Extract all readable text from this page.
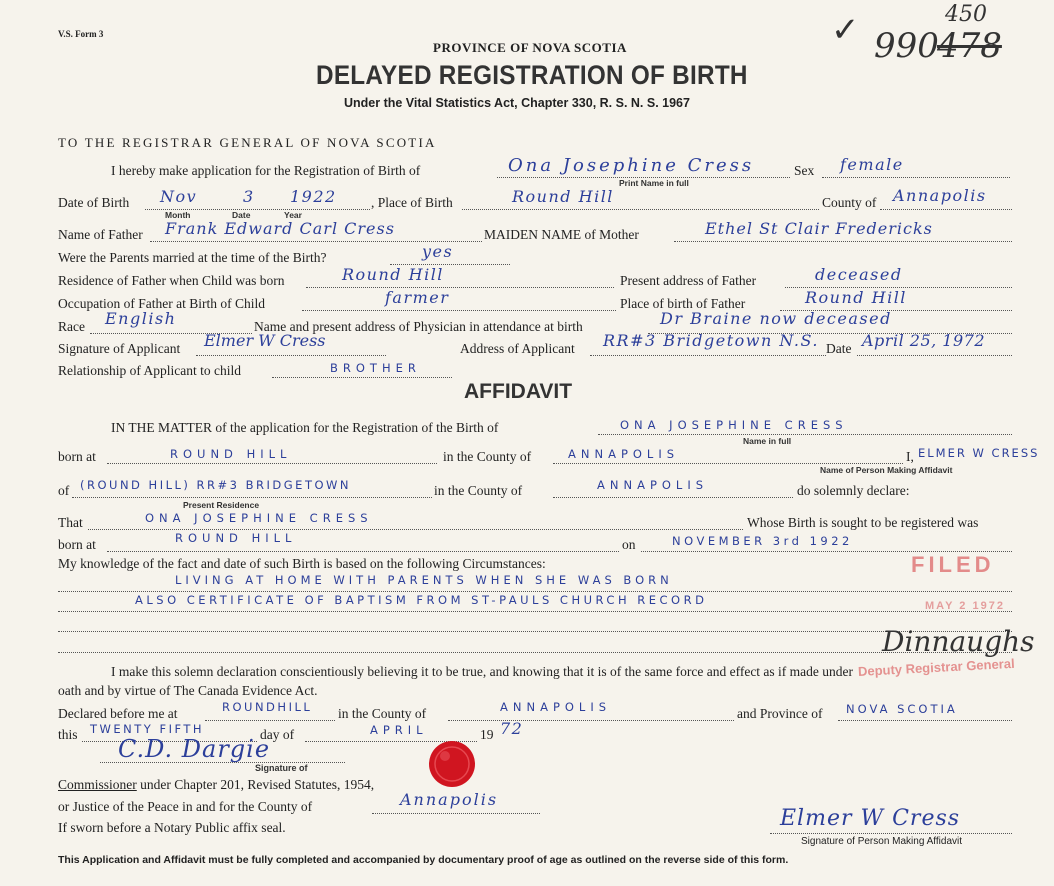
V.S. Form 3
PROVINCE OF NOVA SCOTIA
DELAYED REGISTRATION OF BIRTH
Under the Vital Statistics Act, Chapter 330, R. S. N. S. 1967
✓ 990
478
450
TO THE REGISTRAR GENERAL OF NOVA SCOTIA
I hereby make application for the Registration of Birth of	Ona Josephine Cress
Print Name in full
Sex female
Date of Birth Nov	3 1922
Month	Date	Year
, Place of Birth	Round Hill	County of Annapolis
Name of Father Frank Edward Carl Cress	MAIDEN NAME of Mother	Ethel St Clair Fredericks
Were the Parents married at the time of the Birth?	yes
Residence of Father when Child was born	Round Hill	Present address of Father	deceased
Occupation of Father at Birth of Child	farmer	Place of birth of Father	Round Hill
Race English	Name and present address of Physician in attendance at birth	Dr Braine now deceased
Signature of Applicant Elmer W Cress	Address of Applicant RR#3 Bridgetown N.S. Date April 25, 1972
Relationship of Applicant to child	BROTHER
AFFIDAVIT
IN THE MATTER of the application for the Registration of the Birth of	ONA JOSEPHINE CRESS
Name in full
born at	ROUND HILL	in the County of	ANNAPOLIS	I, ELMER W CRESS
Name of Person Making Affidavit
of (ROUND HILL) RR#3 BRIDGETOWN
Present Residence
in the County of	ANNAPOLIS	do solemnly declare:
That	ONA JOSEPHINE CRESS	Whose Birth is sought to be registered was
born at	ROUND HILL	on	NOVEMBER 3rd 1922
My knowledge of the fact and date of such Birth is based on the following Circumstances:
LIVING AT HOME WITH PARENTS WHEN SHE WAS BORN
ALSO CERTIFICATE OF BAPTISM FROM ST-PAULS CHURCH RECORD
I make this solemn declaration conscientiously believing it to be true, and knowing that it is of the same force and effect as if made under
oath and by virtue of The Canada Evidence Act.
Declared before me at	ROUNDHILL in the County of	ANNAPOLIS	and Province of NOVA SCOTIA
this TWENTY FIFTH	day of	APRIL	19 72
C.D. Dargie
Signature of
Commissioner under Chapter 201, Revised Statutes, 1954,
or Justice of the Peace in and for the County of	Annapolis
If sworn before a Notary Public affix seal.	Elmer W Cress
Signature of Person Making Affidavit
FILED
MAY 2 1972
Dinnaughs
Deputy Registrar General
This Application and Affidavit must be fully completed and accompanied by documentary proof of age as outlined on the reverse side of this form.
